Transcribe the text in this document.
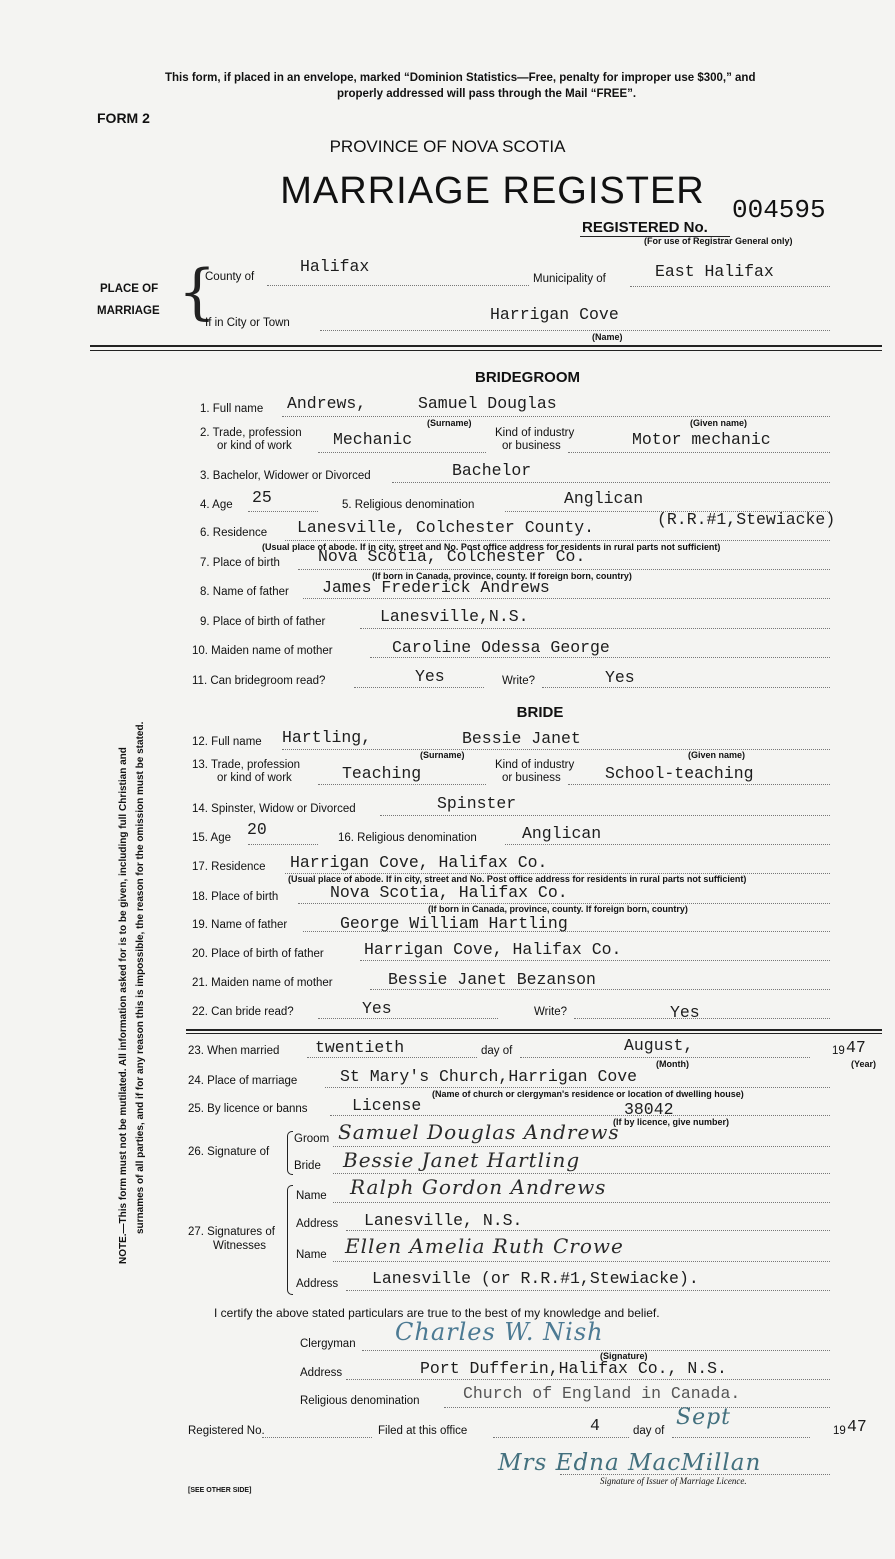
This form, if placed in an envelope, marked “Dominion Statistics—Free, penalty for improper use $300,” and
properly addressed will pass through the Mail “FREE”.
FORM 2
PROVINCE OF NOVA SCOTIA
MARRIAGE REGISTER	004595
REGISTERED No.
(For use of Registrar General only)
PLACE OF
MARRIAGE {
County of
Halifax
Municipality of	East Halifax
If in City or Town	Harrigan Cove
(Name)
BRIDEGROOM
1. Full name Andrews,	Samuel Douglas
(Surname)	(Given name)
2. Trade, profession
or kind of work Mechanic	Kind of industry
or business	Motor mechanic
3. Bachelor, Widower or Divorced	Bachelor
4. Age 25	5. Religious denomination	Anglican
6. Residence Lanesville, Colchester County.	(R.R.#1,Stewiacke)
(Usual place of abode. If in city, street and No. Post office address for residents in rural parts not sufficient)
7. Place of birth Nova Scotia, Colchester Co.
(If born in Canada, province, county. If foreign born, country)
8. Name of father James Frederick Andrews
9. Place of birth of father	Lanesville,N.S.
10. Maiden name of mother	Caroline Odessa George
11. Can bridegroom read?	Yes	Write?	Yes
BRIDE
12. Full name Hartling,	Bessie Janet
(Surname)	(Given name)
13. Trade, profession
or kind of work	Teaching	Kind of industry
or business	School-teaching
14. Spinster, Widow or Divorced	Spinster
15. Age 20	16. Religious denomination	Anglican
17. Residence Harrigan Cove, Halifax Co.
(Usual place of abode. If in city, street and No. Post office address for residents in rural parts not sufficient)
18. Place of birth	Nova Scotia, Halifax Co.
(If born in Canada, province, county. If foreign born, country)
19. Name of father	George William Hartling
20. Place of birth of father Harrigan Cove, Halifax Co.
21. Maiden name of mother	Bessie Janet Bezanson
22. Can bride read?	Yes	Write?	Yes
23. When married twentieth	day of	August,
(Month)
19 47
(Year)
24. Place of marriage	St Mary's Church,Harrigan Cove
(Name of church or clergyman's residence or location of dwelling house)
25. By licence or banns	License	38042
(If by licence, give number)
26. Signature of
Groom Samuel Douglas Andrews
Bride Bessie Janet Hartling
27. Signatures of
Witnesses
Name Ralph Gordon Andrews
Address Lanesville, N.S.
Name Ellen Amelia Ruth Crowe
Address Lanesville (or R.R.#1,Stewiacke).
I certify the above stated particulars are true to the best of my knowledge and belief.
Clergyman Charles W. Nish
(Signature)
Address	Port Dufferin,Halifax Co., N.S.
Religious denomination	Church of England in Canada.
Registered No.	Filed at this office	4	day of
Sept
19 47
Mrs Edna MacMillan
Signature of Issuer of Marriage Licence.
NOTE.—This form must not be mutilated. All information asked for is to be given, including full Christian and surnames of all parties, and if for any reason this is impossible, the reason for the omission must be stated.
[SEE OTHER SIDE]
